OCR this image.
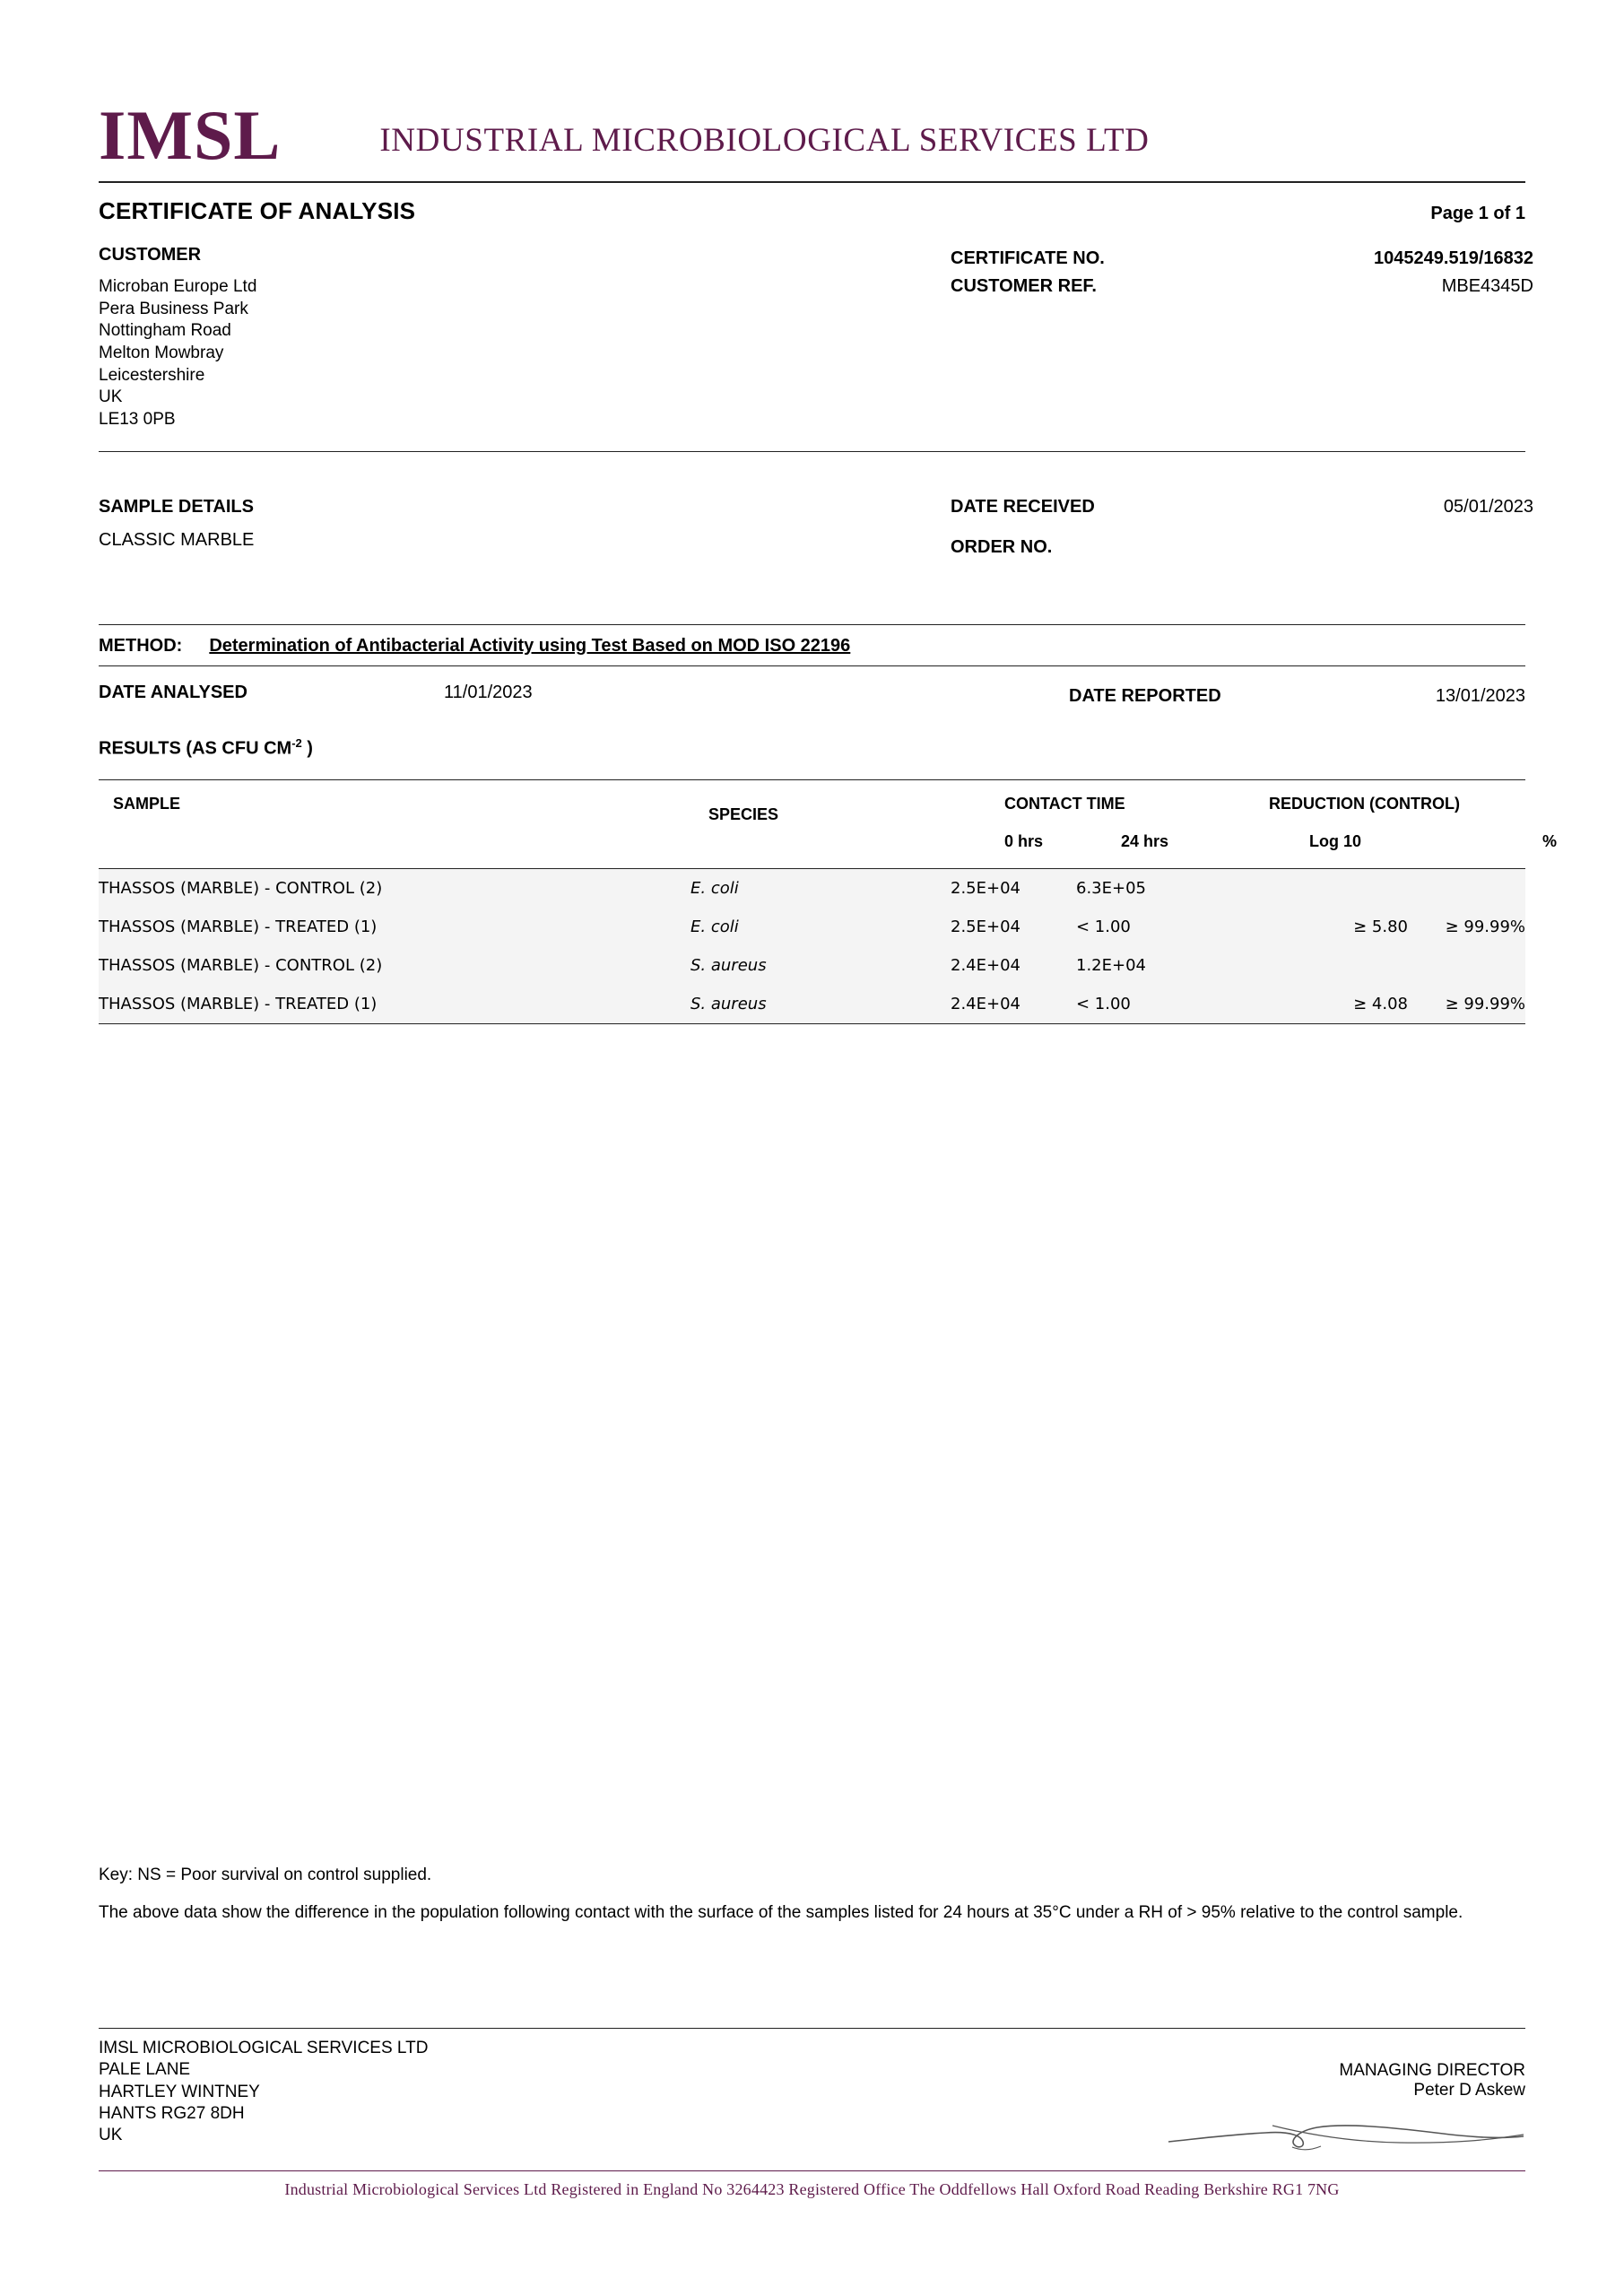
IMSL	INDUSTRIAL MICROBIOLOGICAL SERVICES LTD
CERTIFICATE OF ANALYSIS	Page 1 of 1
CUSTOMER
Microban Europe Ltd
Pera Business Park
Nottingham Road
Melton Mowbray
Leicestershire
UK
LE13 0PB
CERTIFICATE NO.	1045249.519/16832
CUSTOMER REF.	MBE4345D
SAMPLE DETAILS
CLASSIC MARBLE
DATE RECEIVED	05/01/2023
ORDER NO.
METHOD: Determination of Antibacterial Activity using Test Based on MOD ISO 22196
DATE ANALYSED	11/01/2023	DATE REPORTED	13/01/2023
RESULTS (AS CFU $CM^{-2}$ )
SAMPLE
SPECIES
CONTACT TIME
0 hrs	24 hrs
REDUCTION (CONTROL)
Log 10	%
THASSOS (MARBLE) - CONTROL (2)	E. coli	2.5E+04	6.3E+05		
THASSOS (MARBLE) - TREATED (1)	E. coli	2.5E+04	< 1.00	≥ 5.80	≥ 99.99%
THASSOS (MARBLE) - CONTROL (2)	S. aureus	2.4E+04	1.2E+04		
THASSOS (MARBLE) - TREATED (1)	S. aureus	2.4E+04	< 1.00	≥ 4.08	≥ 99.99%
Key: NS = Poor survival on control supplied.
The above data show the difference in the population following contact with the surface of the samples listed for 24 hours at 35°C under a RH of > 95% relative to the control sample.
IMSL MICROBIOLOGICAL SERVICES LTD
PALE LANE
HARTLEY WINTNEY
HANTS RG27 8DH
UK
MANAGING DIRECTOR
Peter D Askew
Industrial Microbiological Services Ltd Registered in England No 3264423 Registered Office The Oddfellows Hall Oxford Road Reading Berkshire RG1 7NG
